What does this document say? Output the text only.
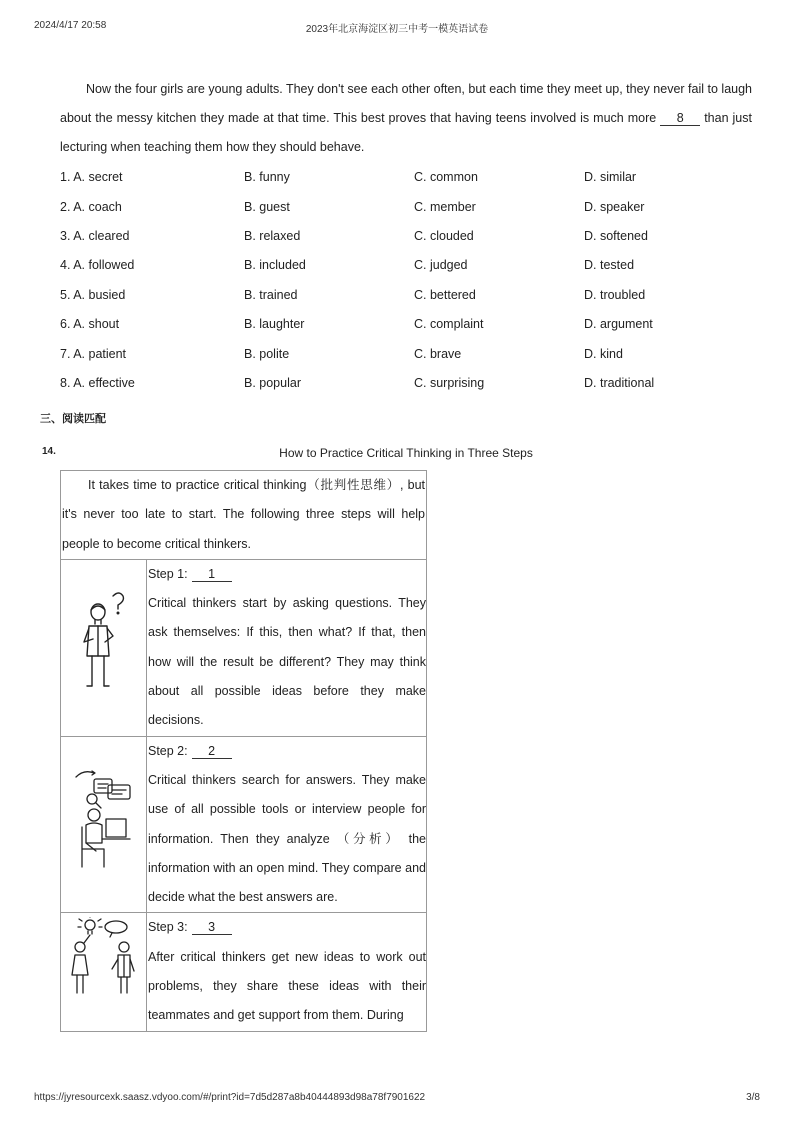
2024/4/17 20:58	2023年北京海淀区初三中考一模英语试卷
Now the four girls are young adults. They don't see each other often, but each time they meet up, they never fail to laugh about the messy kitchen they made at that time. This best proves that having teens involved is much more 8 than just lecturing when teaching them how they should behave.
1. A. secret	B. funny	C. common	D. similar
2. A. coach	B. guest	C. member	D. speaker
3. A. cleared	B. relaxed	C. clouded	D. softened
4. A. followed	B. included	C. judged	D. tested
5. A. busied	B. trained	C. bettered	D. troubled
6. A. shout	B. laughter	C. complaint	D. argument
7. A. patient	B. polite	C. brave	D. kind
8. A. effective	B. popular	C. surprising	D. traditional
三、阅读匹配
14.	How to Practice Critical Thinking in Three Steps
It takes time to practice critical thinking（批判性思维）, but it's never too late to start. The following three steps will help people to become critical thinkers.	
	Step 1: 1
Critical thinkers start by asking questions. They ask themselves: If this, then what? If that, then how will the result be different? They may think about all possible ideas before they make decisions.
	Step 2: 2
Critical thinkers search for answers. They make use of all possible tools or interview people for information. Then they analyze （分析） the information with an open mind. They compare and decide what the best answers are.
	Step 3: 3
After critical thinkers get new ideas to work out problems, they share these ideas with their teammates and get support from them. During
https://jyresourcexk.saasz.vdyoo.com/#/print?id=7d5d287a8b40444893d98a78f7901622	3/8
